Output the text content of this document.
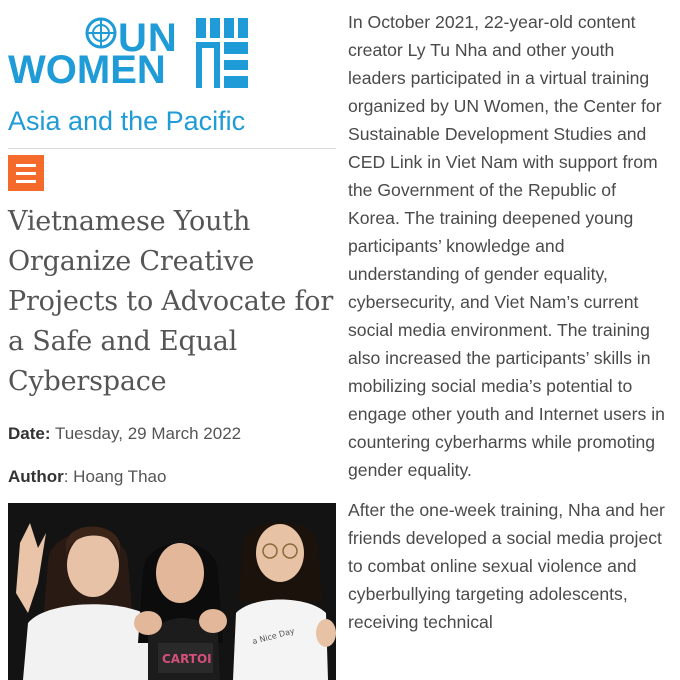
UN
WOMEN
Asia and the Pacific
Vietnamese Youth Organize Creative Projects to Advocate for a Safe and Equal Cyberspace

Date: Tuesday, 29 March 2022

Author: Hoang Thao

CARTOI
a Nice Day

In October 2021, 22-year-old content creator Ly Tu Nha and other youth leaders participated in a virtual training organized by UN Women, the Center for Sustainable Development Studies and CED Link in Viet Nam with support from the Government of the Republic of Korea. The training deepened young participants’ knowledge and understanding of gender equality, cybersecurity, and Viet Nam’s current social media environment. The training also increased the participants’ skills in mobilizing social media’s potential to engage other youth and Internet users in countering cyberharms while promoting gender equality.

After the one-week training, Nha and her friends developed a social media project to combat online sexual violence and cyberbullying targeting adolescents, receiving technical
